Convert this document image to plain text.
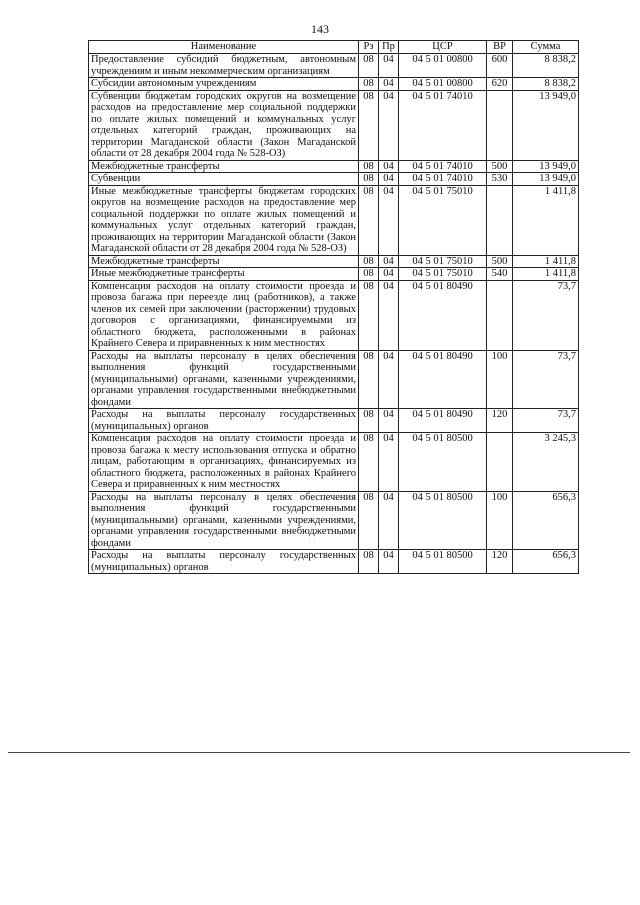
143
Наименование	Рз	Пр	ЦСР	ВР	Сумма
Предоставление субсидий бюджетным, автономным учреждениям и иным некоммерческим организациям	08	04	04 5 01 00800	600	8 838,2
Субсидии автономным учреждениям	08	04	04 5 01 00800	620	8 838,2
Субвенции бюджетам городских округов на возмещение расходов на предоставление мер социальной поддержки по оплате жилых помещений и коммунальных услуг отдельных категорий граждан, проживающих на территории Магаданской области (Закон Магаданской области от 28 декабря 2004 года № 528-ОЗ)	08	04	04 5 01 74010		13 949,0
Межбюджетные трансферты	08	04	04 5 01 74010	500	13 949,0
Субвенции	08	04	04 5 01 74010	530	13 949,0
Иные межбюджетные трансферты бюджетам городских округов на возмещение расходов на предоставление мер социальной поддержки по оплате жилых помещений и коммунальных услуг отдельных категорий граждан, проживающих на территории Магаданской области (Закон Магаданской области от 28 декабря 2004 года № 528-ОЗ)	08	04	04 5 01 75010		1 411,8
Межбюджетные трансферты	08	04	04 5 01 75010	500	1 411,8
Иные межбюджетные трансферты	08	04	04 5 01 75010	540	1 411,8
Компенсация расходов на оплату стоимости проезда и провоза багажа при переезде лиц (работников), а также членов их семей при заключении (расторжении) трудовых договоров с организациями, финансируемыми из областного бюджета, расположенными в районах Крайнего Севера и приравненных к ним местностях	08	04	04 5 01 80490		73,7
Расходы на выплаты персоналу в целях обеспечения выполнения функций государственными (муниципальными) органами, казенными учреждениями, органами управления государственными внебюджетными фондами	08	04	04 5 01 80490	100	73,7
Расходы на выплаты персоналу государственных (муниципальных) органов	08	04	04 5 01 80490	120	73,7
Компенсация расходов на оплату стоимости проезда и провоза багажа к месту использования отпуска и обратно лицам, работающим в организациях, финансируемых из областного бюджета, расположенных в районах Крайнего Севера и приравненных к ним местностях	08	04	04 5 01 80500		3 245,3
Расходы на выплаты персоналу в целях обеспечения выполнения функций государственными (муниципальными) органами, казенными учреждениями, органами управления государственными внебюджетными фондами	08	04	04 5 01 80500	100	656,3
Расходы на выплаты персоналу государственных (муниципальных) органов	08	04	04 5 01 80500	120	656,3
